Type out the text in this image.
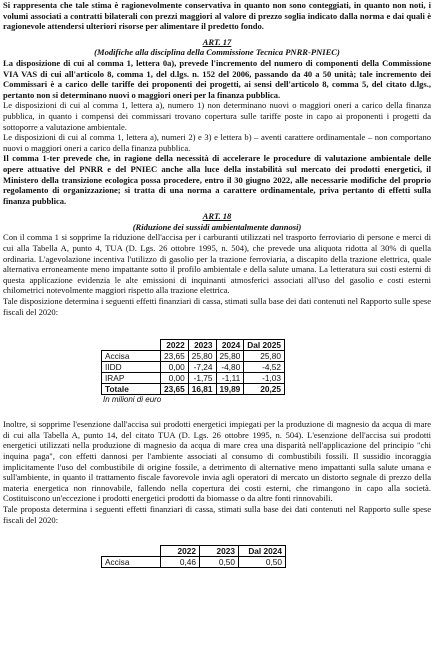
Si rappresenta che tale stima è ragionevolmente conservativa in quanto non sono conteggiati, in quanto non noti, i volumi associati a contratti bilaterali con prezzi maggiori al valore di prezzo soglia indicato dalla norma e dai quali è ragionevole attendersi ulteriori risorse per alimentare il predetto fondo.

ART. 17

(Modifiche alla disciplina della Commissione Tecnica PNRR-PNIEC)

La disposizione di cui al comma 1, lettera 0a), prevede l'incremento del numero di componenti della Commissione VIA VAS di cui all'articolo 8, comma 1, del d.lgs. n. 152 del 2006, passando da 40 a 50 unità; tale incremento dei Commissari è a carico delle tariffe dei proponenti dei progetti, ai sensi dell'articolo 8, comma 5, del citato d.lgs., pertanto non si determinano nuovi o maggiori oneri per la finanza pubblica.

Le disposizioni di cui al comma 1, lettera a), numero 1) non determinano nuovi o maggiori oneri a carico della finanza pubblica, in quanto i compensi dei commissari trovano copertura sulle tariffe poste in capo ai proponenti i progetti da sottoporre a valutazione ambientale.

Le disposizioni di cui al comma 1, lettera a), numeri 2) e 3) e lettera b) – aventi carattere ordinamentale – non comportano nuovi o maggiori oneri a carico della finanza pubblica.

Il comma 1-ter prevede che, in ragione della necessità di accelerare le procedure di valutazione ambientale delle opere attuative del PNRR e del PNIEC anche alla luce della instabilità sul mercato dei prodotti energetici, il Ministero della transizione ecologica possa procedere, entro il 30 giugno 2022, alle necessarie modifiche del proprio regolamento di organizzazione; si tratta di una norma a carattere ordinamentale, priva pertanto di effetti sulla finanza pubblica.

ART. 18

(Riduzione dei sussidi ambientalmente dannosi)

Con il comma 1 si sopprime la riduzione dell'accisa per i carburanti utilizzati nel trasporto ferroviario di persone e merci di cui alla Tabella A, punto 4, TUA (D. Lgs. 26 ottobre 1995, n. 504), che prevede una aliquota ridotta al 30% di quella ordinaria. L'agevolazione incentiva l'utilizzo di gasolio per la trazione ferroviaria, a discapito della trazione elettrica, quale alternativa erroneamente meno impattante sotto il profilo ambientale e della salute umana. La letteratura sui costi esterni di questa applicazione evidenzia le alte emissioni di inquinanti atmosferici associati all'uso del gasolio e costi esterni chilometrici notevolmente maggiori rispetto alla trazione elettrica.

Tale disposizione determina i seguenti effetti finanziari di cassa, stimati sulla base dei dati contenuti nel Rapporto sulle spese fiscali del 2020:

	2022	2023	2024	Dal 2025
Accisa	23,65	25,80	25,80	25,80
IIDD	0,00	-7,24	-4,80	-4,52
IRAP	0,00	-1,75	-1,11	-1,03
Totale	23,65	16,81	19,89	20,25
In milioni di euro

Inoltre, si sopprime l'esenzione dall'accisa sui prodotti energetici impiegati per la produzione di magnesio da acqua di mare di cui alla Tabella A, punto 14, del citato TUA (D. Lgs. 26 ottobre 1995, n. 504). L'esenzione dell'accisa sui prodotti energetici utilizzati nella produzione di magnesio da acqua di mare crea una disparità nell'applicazione del principio "chi inquina paga", con effetti dannosi per l'ambiente associati al consumo di combustibili fossili. Il sussidio incoraggia implicitamente l'uso del combustibile di origine fossile, a detrimento di alternative meno impattanti sulla salute umana e sull'ambiente, in quanto il trattamento fiscale favorevole invia agli operatori di mercato un distorto segnale di prezzo della materia energetica non rinnovabile, fallendo nella copertura dei costi esterni, che rimangono in capo alla società. Costituiscono un'eccezione i prodotti energetici prodotti da biomasse o da altre fonti rinnovabili.

Tale proposta determina i seguenti effetti finanziari di cassa, stimati sulla base dei dati contenuti nel Rapporto sulle spese fiscali del 2020:

	2022	2023	Dal 2024
Accisa	0,46	0,50	0,50
